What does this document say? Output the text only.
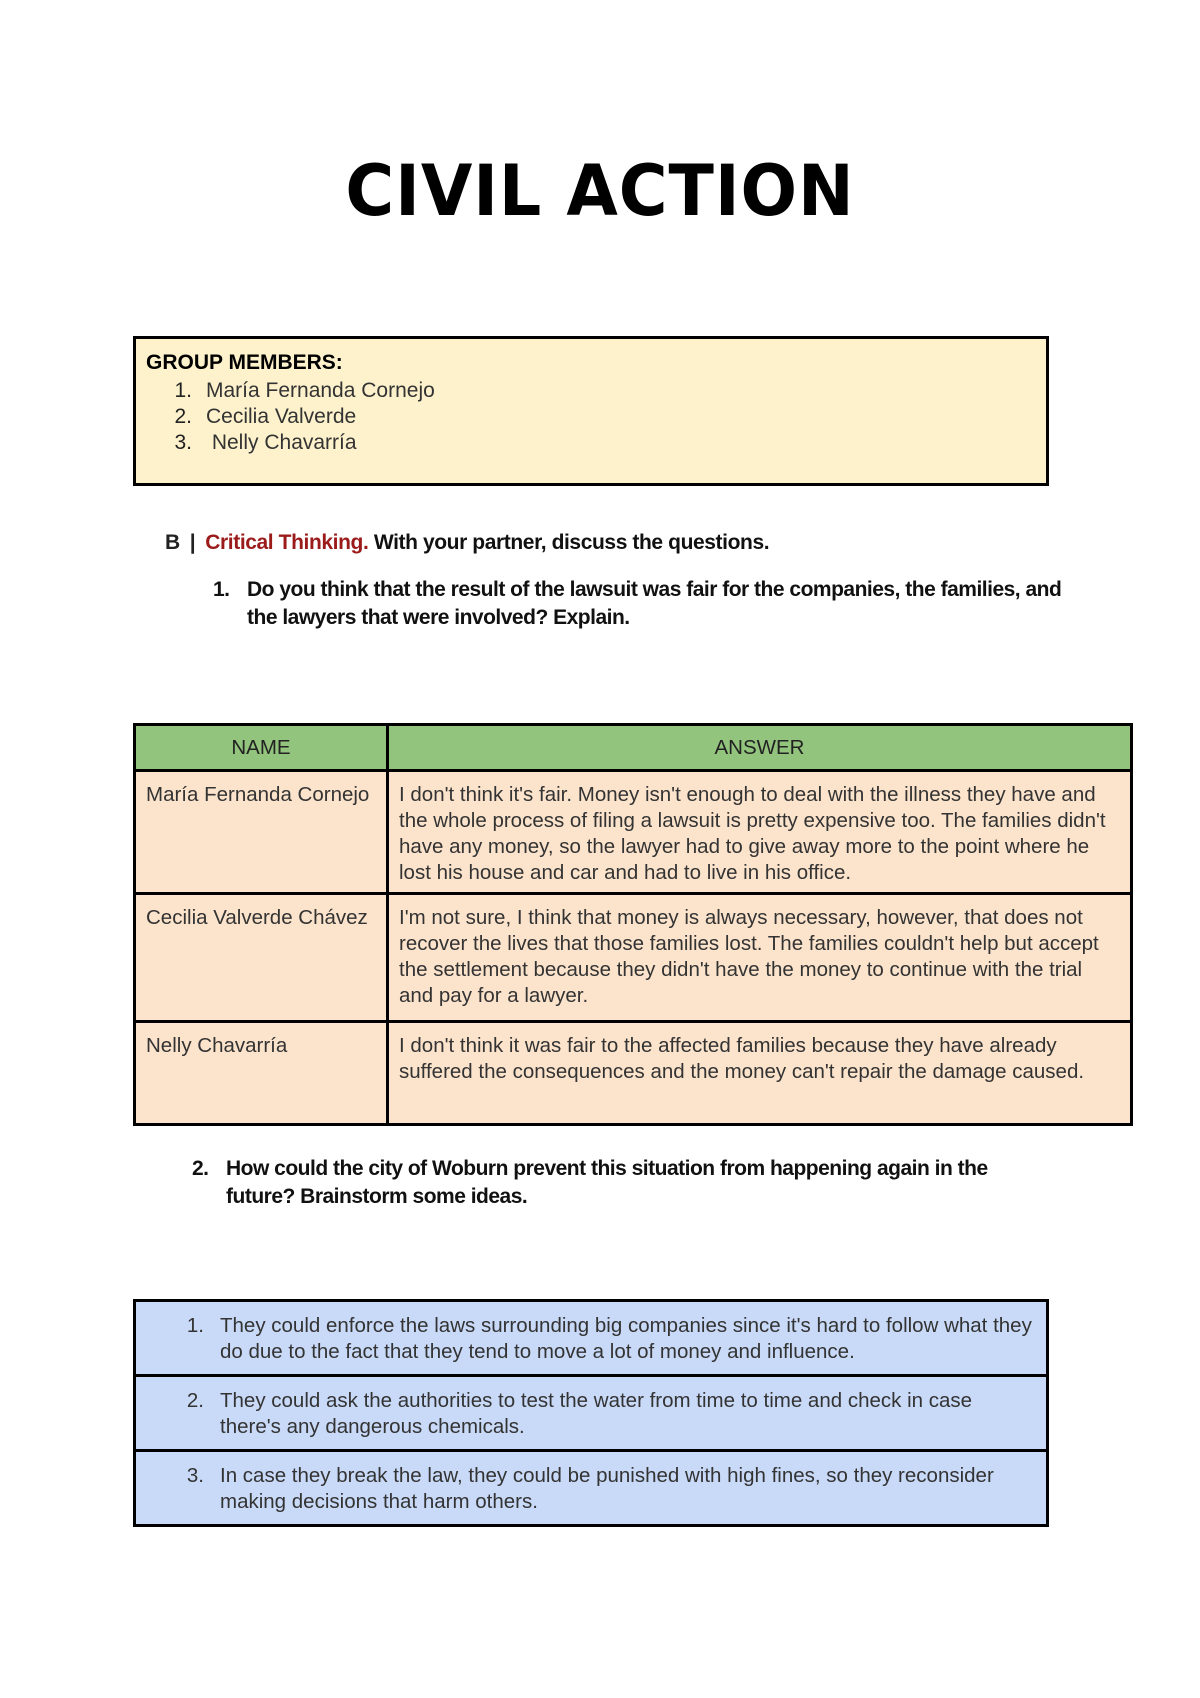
CIVIL ACTION
GROUP MEMBERS:
1. María Fernanda Cornejo
2. Cecilia Valverde
3. Nelly Chavarría
B | Critical Thinking. With your partner, discuss the questions.
1. Do you think that the result of the lawsuit was fair for the companies, the families, and the lawyers that were involved? Explain.
NAME	ANSWER
María Fernanda Cornejo	I don't think it's fair. Money isn't enough to deal with the illness they have and the whole process of filing a lawsuit is pretty expensive too. The families didn't have any money, so the lawyer had to give away more to the point where he lost his house and car and had to live in his office.
Cecilia Valverde Chávez	I'm not sure, I think that money is always necessary, however, that does not recover the lives that those families lost. The families couldn't help but accept the settlement because they didn't have the money to continue with the trial and pay for a lawyer.
Nelly Chavarría	I don't think it was fair to the affected families because they have already suffered the consequences and the money can't repair the damage caused.
2. How could the city of Woburn prevent this situation from happening again in the future? Brainstorm some ideas.
1. They could enforce the laws surrounding big companies since it's hard to follow what they do due to the fact that they tend to move a lot of money and influence.

2. They could ask the authorities to test the water from time to time and check in case there's any dangerous chemicals.

3. In case they break the law, they could be punished with high fines, so they reconsider making decisions that harm others.
